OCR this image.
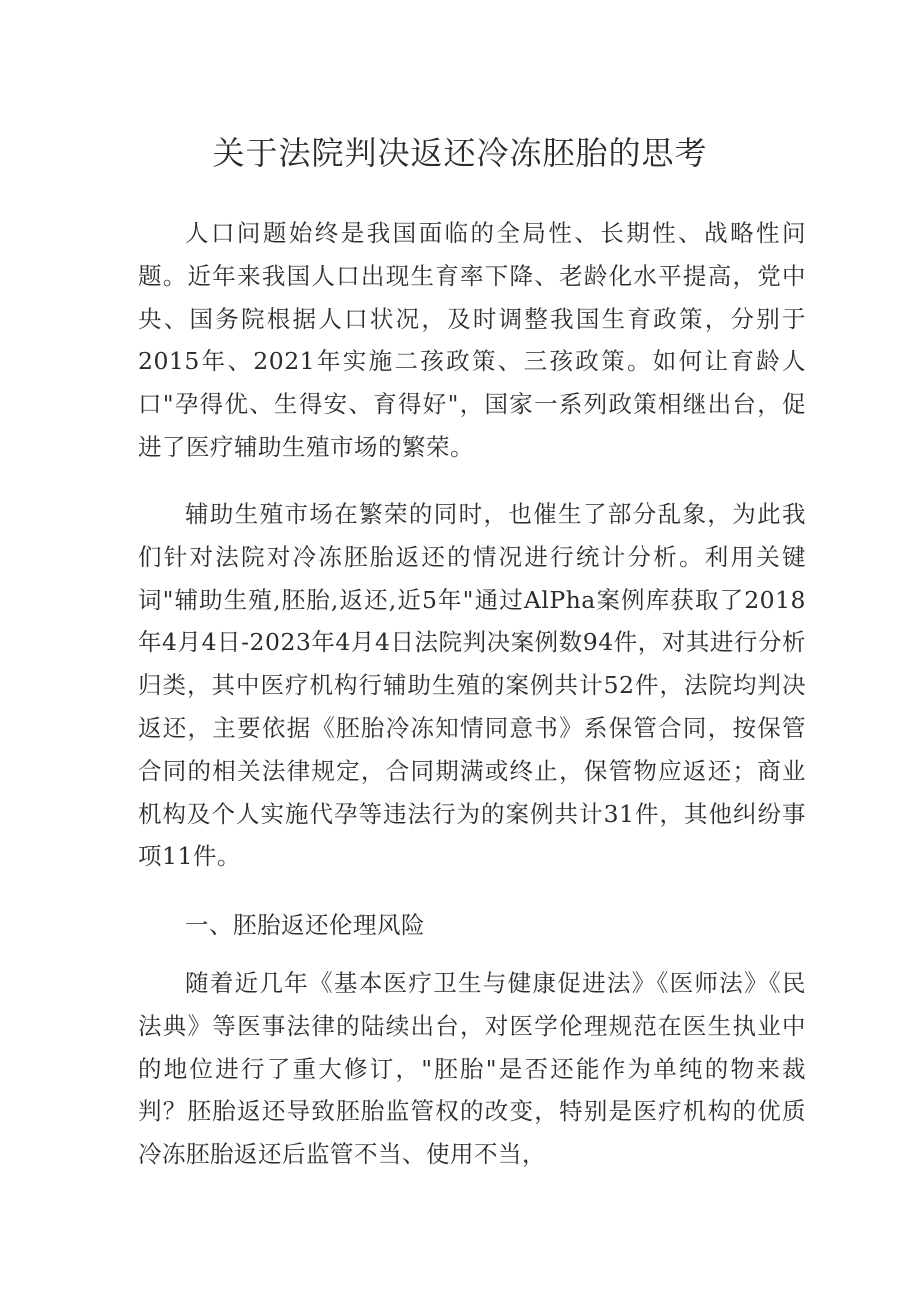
关于法院判决返还冷冻胚胎的思考

人口问题始终是我国面临的全局性、长期性、战略性问题。近年来我国人口出现生育率下降、老龄化水平提高，党中央、国务院根据人口状况，及时调整我国生育政策，分别于2015年、2021年实施二孩政策、三孩政策。如何让育龄人口"孕得优、生得安、育得好"，国家一系列政策相继出台，促进了医疗辅助生殖市场的繁荣。

辅助生殖市场在繁荣的同时，也催生了部分乱象，为此我们针对法院对冷冻胚胎返还的情况进行统计分析。利用关键词"辅助生殖,胚胎,返还,近5年"通过AlPha案例库获取了2018年4月4日-2023年4月4日法院判决案例数94件，对其进行分析归类，其中医疗机构行辅助生殖的案例共计52件，法院均判决返还，主要依据《胚胎冷冻知情同意书》系保管合同，按保管合同的相关法律规定，合同期满或终止，保管物应返还；商业机构及个人实施代孕等违法行为的案例共计31件，其他纠纷事项11件。

一、胚胎返还伦理风险

随着近几年《基本医疗卫生与健康促进法》《医师法》《民法典》等医事法律的陆续出台，对医学伦理规范在医生执业中的地位进行了重大修订，"胚胎"是否还能作为单纯的物来裁判？胚胎返还导致胚胎监管权的改变，特别是医疗机构的优质冷冻胚胎返还后监管不当、使用不当，
